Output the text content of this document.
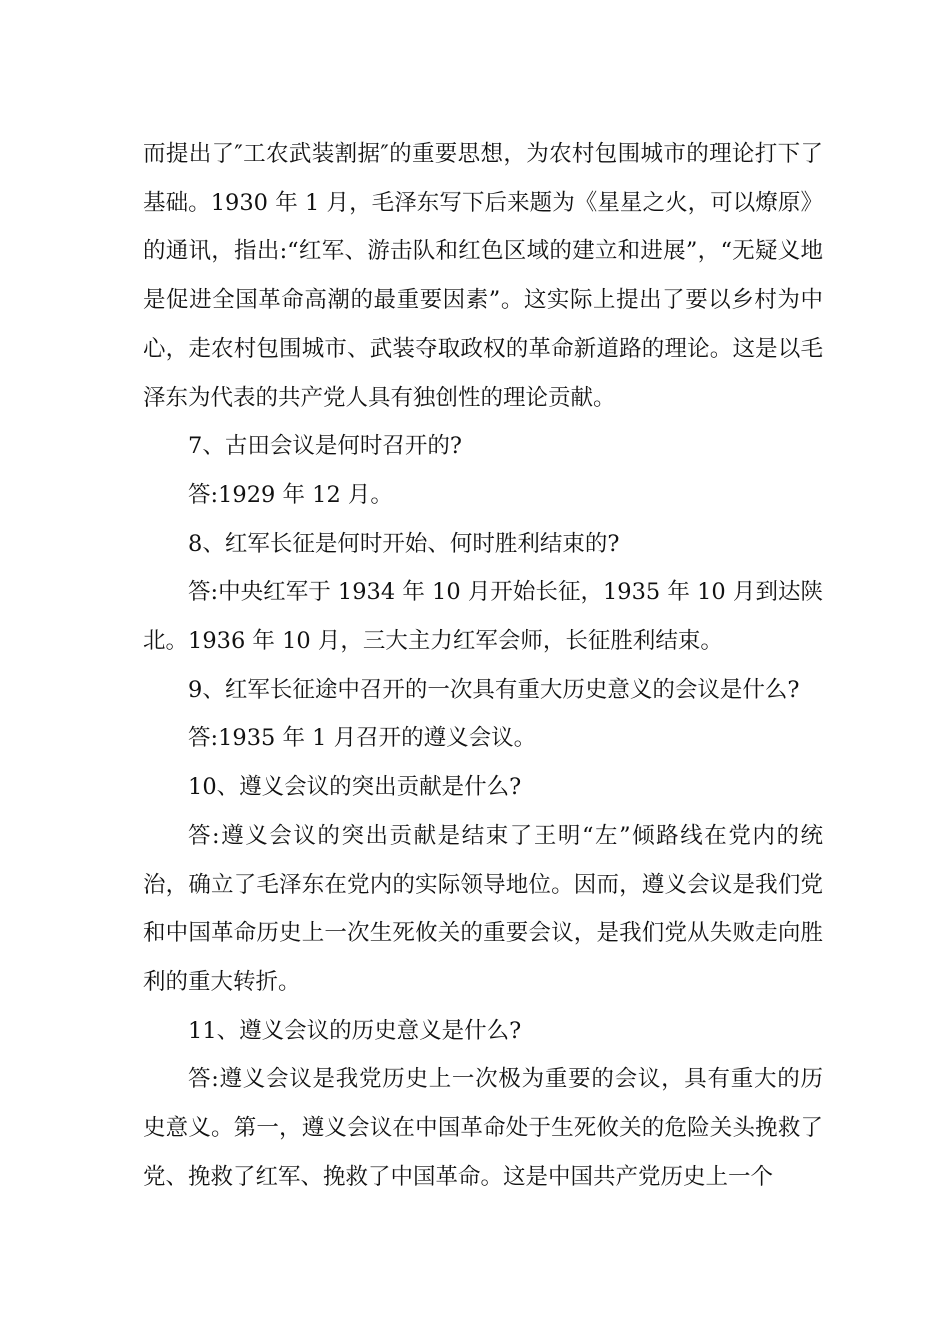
而提出了″工农武装割据″的重要思想，为农村包围城市的理论打下了基础。1930 年 1 月，毛泽东写下后来题为《星星之火，可以燎原》的通讯，指出:“红军、游击队和红色区域的建立和进展”，“无疑义地是促进全国革命高潮的最重要因素”。这实际上提出了要以乡村为中心，走农村包围城市、武装夺取政权的革命新道路的理论。这是以毛泽东为代表的共产党人具有独创性的理论贡献。

7、古田会议是何时召开的?

答:1929 年 12 月。

8、红军长征是何时开始、何时胜利结束的?

答:中央红军于 1934 年 10 月开始长征，1935 年 10 月到达陕北。1936 年 10 月，三大主力红军会师，长征胜利结束。

9、红军长征途中召开的一次具有重大历史意义的会议是什么?

答:1935 年 1 月召开的遵义会议。

10、遵义会议的突出贡献是什么?

答:遵义会议的突出贡献是结束了王明“左”倾路线在党内的统治，确立了毛泽东在党内的实际领导地位。因而，遵义会议是我们党和中国革命历史上一次生死攸关的重要会议，是我们党从失败走向胜利的重大转折。

11、遵义会议的历史意义是什么?

答:遵义会议是我党历史上一次极为重要的会议，具有重大的历史意义。第一，遵义会议在中国革命处于生死攸关的危险关头挽救了党、挽救了红军、挽救了中国革命。这是中国共产党历史上一个
